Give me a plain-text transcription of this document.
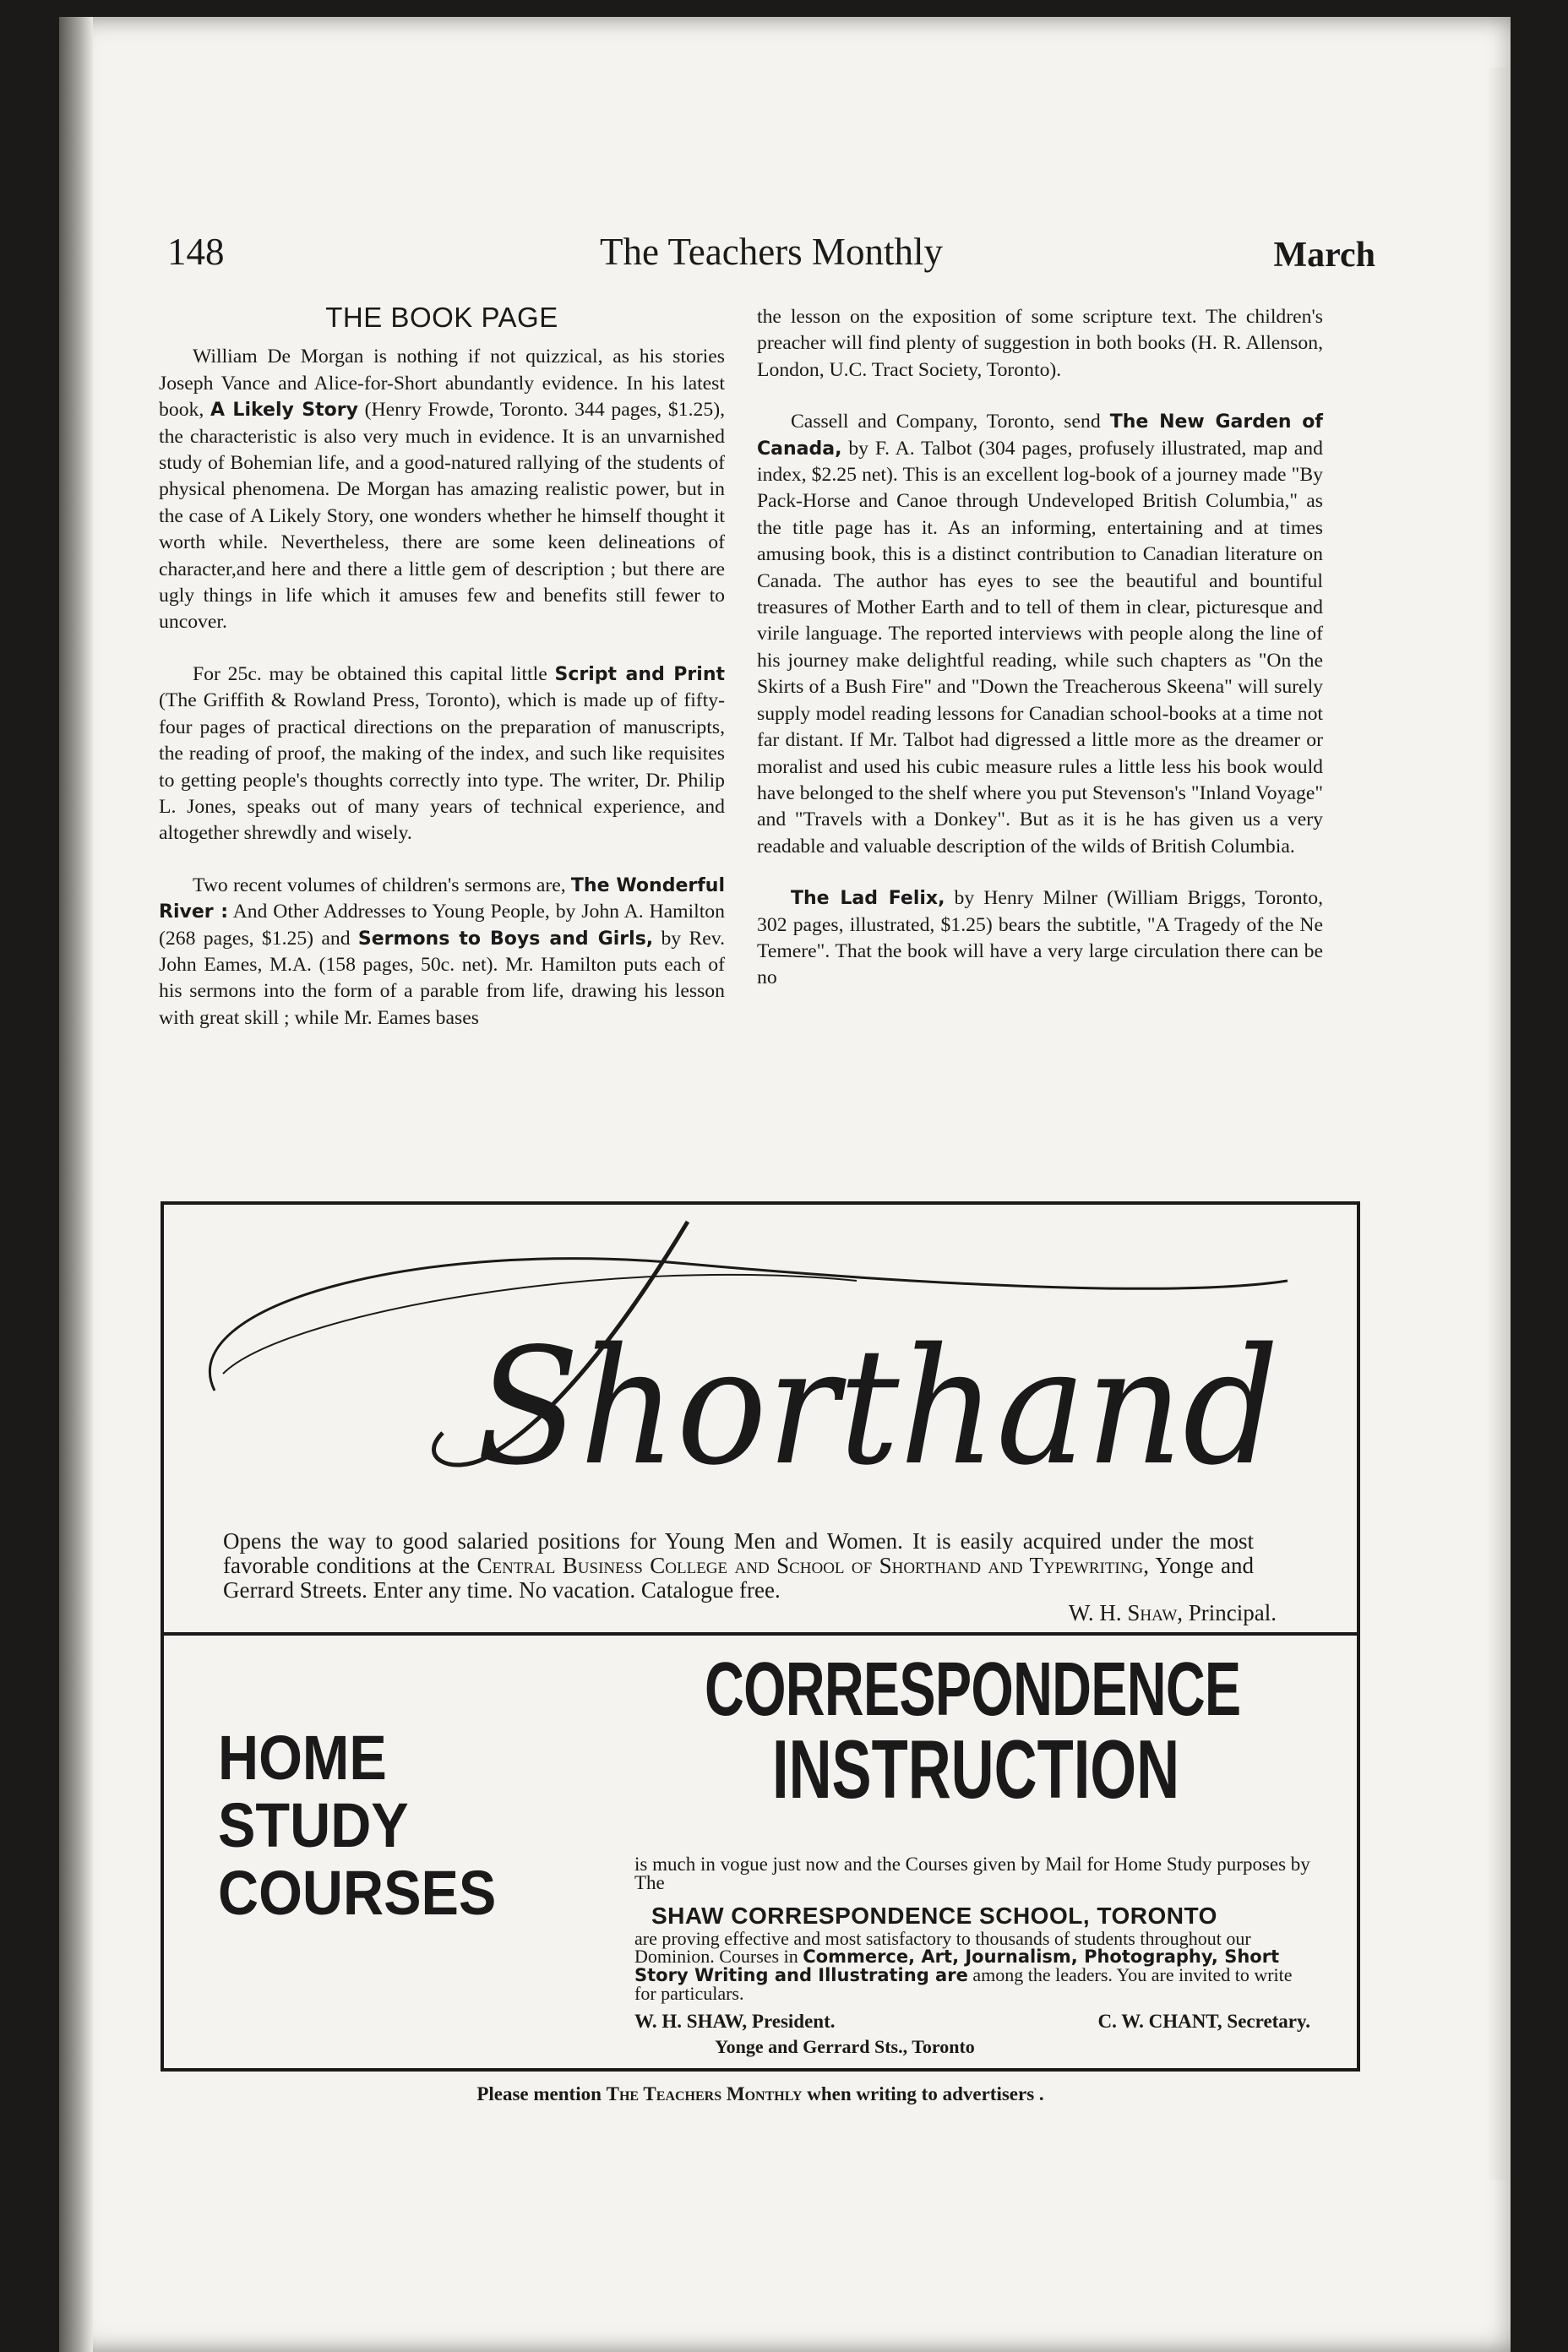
148	The Teachers Monthly	March
THE BOOK PAGE

William De Morgan is nothing if not quizzical, as his stories Joseph Vance and Alice-for-Short abundantly evidence. In his latest book, A Likely Story (Henry Frowde, Toronto. 344 pages, $1.25), the characteristic is also very much in evidence. It is an unvarnished study of Bohemian life, and a good-natured rallying of the students of physical phenomena. De Morgan has amazing realistic power, but in the case of A Likely Story, one wonders whether he himself thought it worth while. Nevertheless, there are some keen delineations of character,and here and there a little gem of description ; but there are ugly things in life which it amuses few and benefits still fewer to uncover.

For 25c. may be obtained this capital little Script and Print (The Griffith & Rowland Press, Toronto), which is made up of fifty-four pages of practical directions on the preparation of manuscripts, the reading of proof, the making of the index, and such like requisites to getting people's thoughts correctly into type. The writer, Dr. Philip L. Jones, speaks out of many years of technical experience, and altogether shrewdly and wisely.

Two recent volumes of children's sermons are, The Wonderful River : And Other Addresses to Young People, by John A. Hamilton (268 pages, $1.25) and Sermons to Boys and Girls, by Rev. John Eames, M.A. (158 pages, 50c. net). Mr. Hamilton puts each of his sermons into the form of a parable from life, drawing his lesson with great skill ; while Mr. Eames bases

the lesson on the exposition of some scripture text. The children's preacher will find plenty of suggestion in both books (H. R. Allenson, London, U.C. Tract Society, Toronto).

Cassell and Company, Toronto, send The New Garden of Canada, by F. A. Talbot (304 pages, profusely illustrated, map and index, $2.25 net). This is an excellent log-book of a journey made "By Pack-Horse and Canoe through Undeveloped British Columbia," as the title page has it. As an informing, entertaining and at times amusing book, this is a distinct contribution to Canadian literature on Canada. The author has eyes to see the beautiful and bountiful treasures of Mother Earth and to tell of them in clear, picturesque and virile language. The reported interviews with people along the line of his journey make delightful reading, while such chapters as "On the Skirts of a Bush Fire" and "Down the Treacherous Skeena" will surely supply model reading lessons for Canadian school-books at a time not far distant. If Mr. Talbot had digressed a little more as the dreamer or moralist and used his cubic measure rules a little less his book would have belonged to the shelf where you put Stevenson's "Inland Voyage" and "Travels with a Donkey". But as it is he has given us a very readable and valuable description of the wilds of British Columbia.

The Lad Felix, by Henry Milner (William Briggs, Toronto, 302 pages, illustrated, $1.25) bears the subtitle, "A Tragedy of the Ne Temere". That the book will have a very large circulation there can be no

Shorthand
Opens the way to good salaried positions for Young Men and Women. It is easily acquired under the most favorable conditions at the Central Business College and School of Shorthand and Typewriting, Yonge and Gerrard Streets. Enter any time. No vacation. Catalogue free.
W. H. Shaw, Principal.
HOME
STUDY
COURSES
CORRESPONDENCE
INSTRUCTION
is much in vogue just now and the Courses given by Mail for Home Study purposes by The
SHAW CORRESPONDENCE SCHOOL, TORONTO
are proving effective and most satisfactory to thousands of students throughout our Dominion. Courses in Commerce, Art, Journalism, Photography, Short Story Writing and Illustrating are among the leaders. You are invited to write for particulars.
W. H. SHAW, President.	C. W. CHANT, Secretary.
Yonge and Gerrard Sts., Toronto
Please mention The Teachers Monthly when writing to advertisers .
